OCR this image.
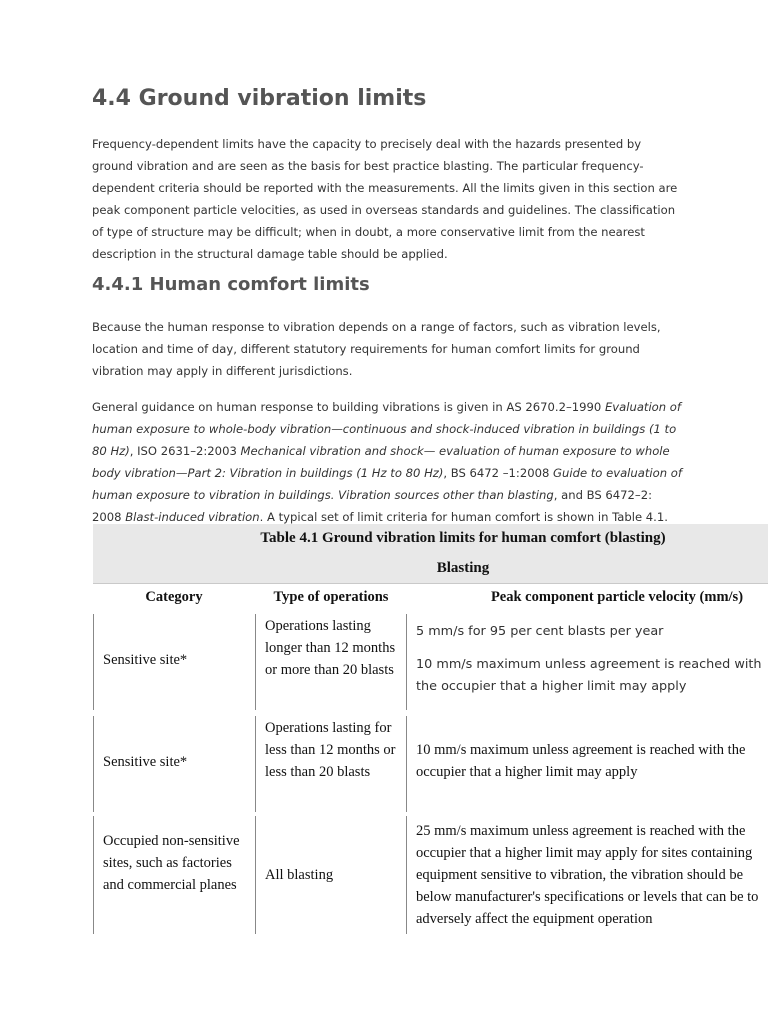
4.4 Ground vibration limits

Frequency-dependent limits have the capacity to precisely deal with the hazards presented by ground vibration and are seen as the basis for best practice blasting. The particular frequency-dependent criteria should be reported with the measurements. All the limits given in this section are peak component particle velocities, as used in overseas standards and guidelines. The classification of type of structure may be difficult; when in doubt, a more conservative limit from the nearest description in the structural damage table should be applied.

4.4.1 Human comfort limits

Because the human response to vibration depends on a range of factors, such as vibration levels, location and time of day, different statutory requirements for human comfort limits for ground vibration may apply in different jurisdictions.

General guidance on human response to building vibrations is given in AS 2670.2–1990 Evaluation of human exposure to whole-body vibration—continuous and shock-induced vibration in buildings (1 to 80 Hz), ISO 2631–2:2003 Mechanical vibration and shock— evaluation of human exposure to whole body vibration—Part 2: Vibration in buildings (1 Hz to 80 Hz), BS 6472 –1:2008 Guide to evaluation of human exposure to vibration in buildings. Vibration sources other than blasting, and BS 6472–2: 2008 Blast-induced vibration. A typical set of limit criteria for human comfort is shown in Table 4.1.

Table 4.1 Ground vibration limits for human comfort (blasting)
Blasting
Category	Type of operations	Peak component particle velocity (mm/s)
Sensitive site*
Operations lasting longer than 12 months or more than 20 blasts
5 mm/s for 95 per cent blasts per year
10 mm/s maximum unless agreement is reached with the occupier that a higher limit may apply
Sensitive site*
Operations lasting for less than 12 months or less than 20 blasts
10 mm/s maximum unless agreement is reached with the occupier that a higher limit may apply
Occupied non-sensitive sites, such as factories and commercial planes
All blasting
25 mm/s maximum unless agreement is reached with the occupier that a higher limit may apply for sites containing equipment sensitive to vibration, the vibration should be below manufacturer's specifications or levels that can be to adversely affect the equipment operation
